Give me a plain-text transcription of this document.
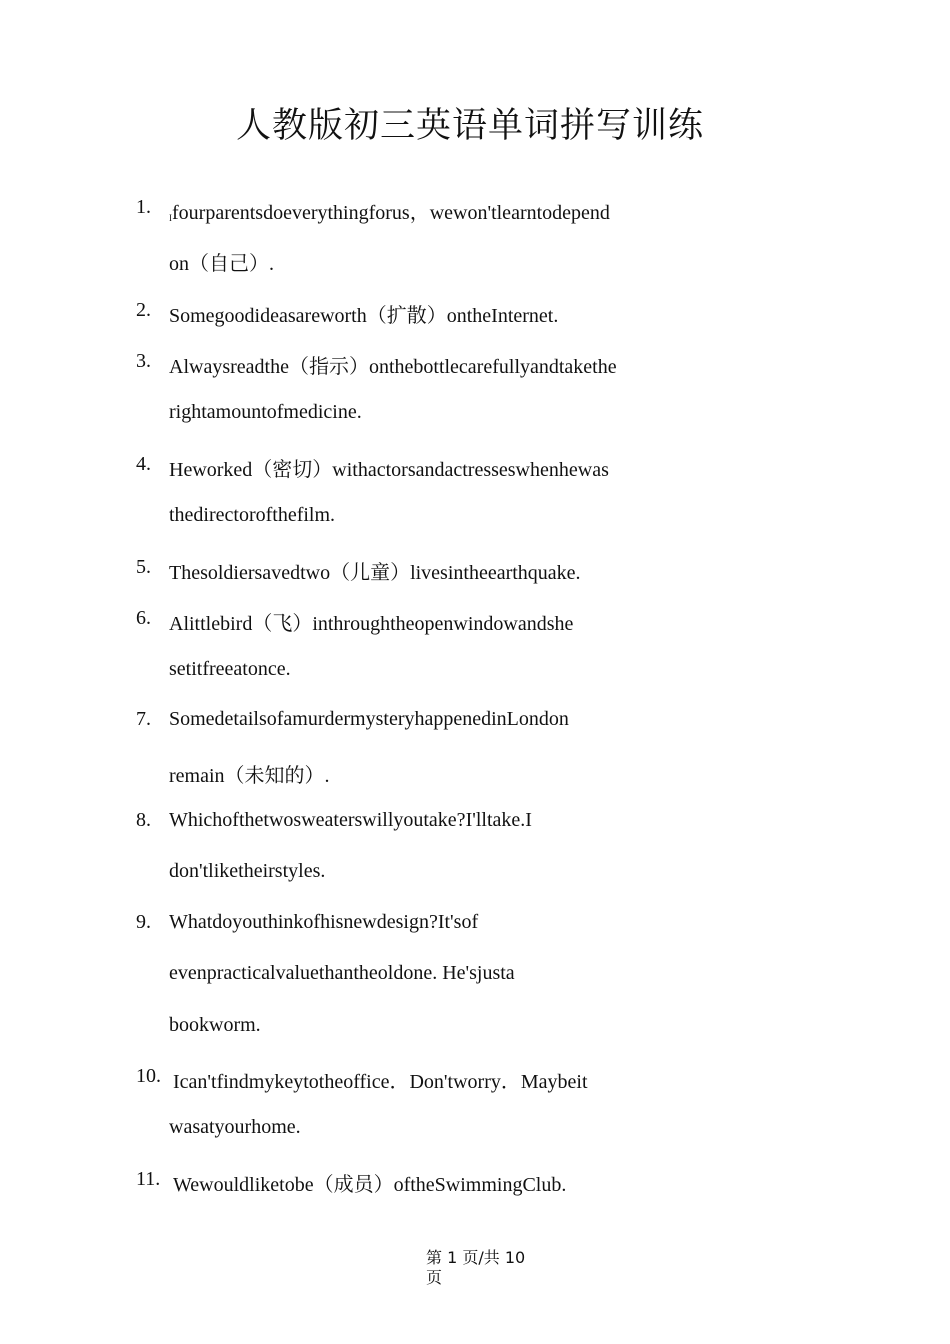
人教版初三英语单词拼写训练
1. Ifourparentsdoeverythingforus，wewon'tlearntodepend
on（自己）.
2. Somegoodideasareworth（扩散）ontheInternet.
3. Alwaysreadthe（指示）onthebottlecarefullyandtakethe
rightamountofmedicine.
4. Heworked（密切）withactorsandactresseswhenhewas
thedirectorofthefilm.
5. Thesoldiersavedtwo（儿童）livesintheearthquake.
6. Alittlebird（飞）inthroughtheopenwindowandshe
setitfreeatonce.
7. SomedetailsofamurdermysteryhappenedinLondon
remain（未知的）.
8. Whichofthetwosweaterswillyoutake?I'lltake.I
don'tliketheirstyles.
9. Whatdoyouthinkofhisnewdesign?It'sof
evenpracticalvaluethantheoldone. He'sjusta
bookworm.
10. Ican'tfindmykeytotheoffice．Don'tworry．Maybeit
wasatyourhome.
11. Wewouldliketobe（成员）oftheSwimmingClub.
第 1 页/共 10
页
